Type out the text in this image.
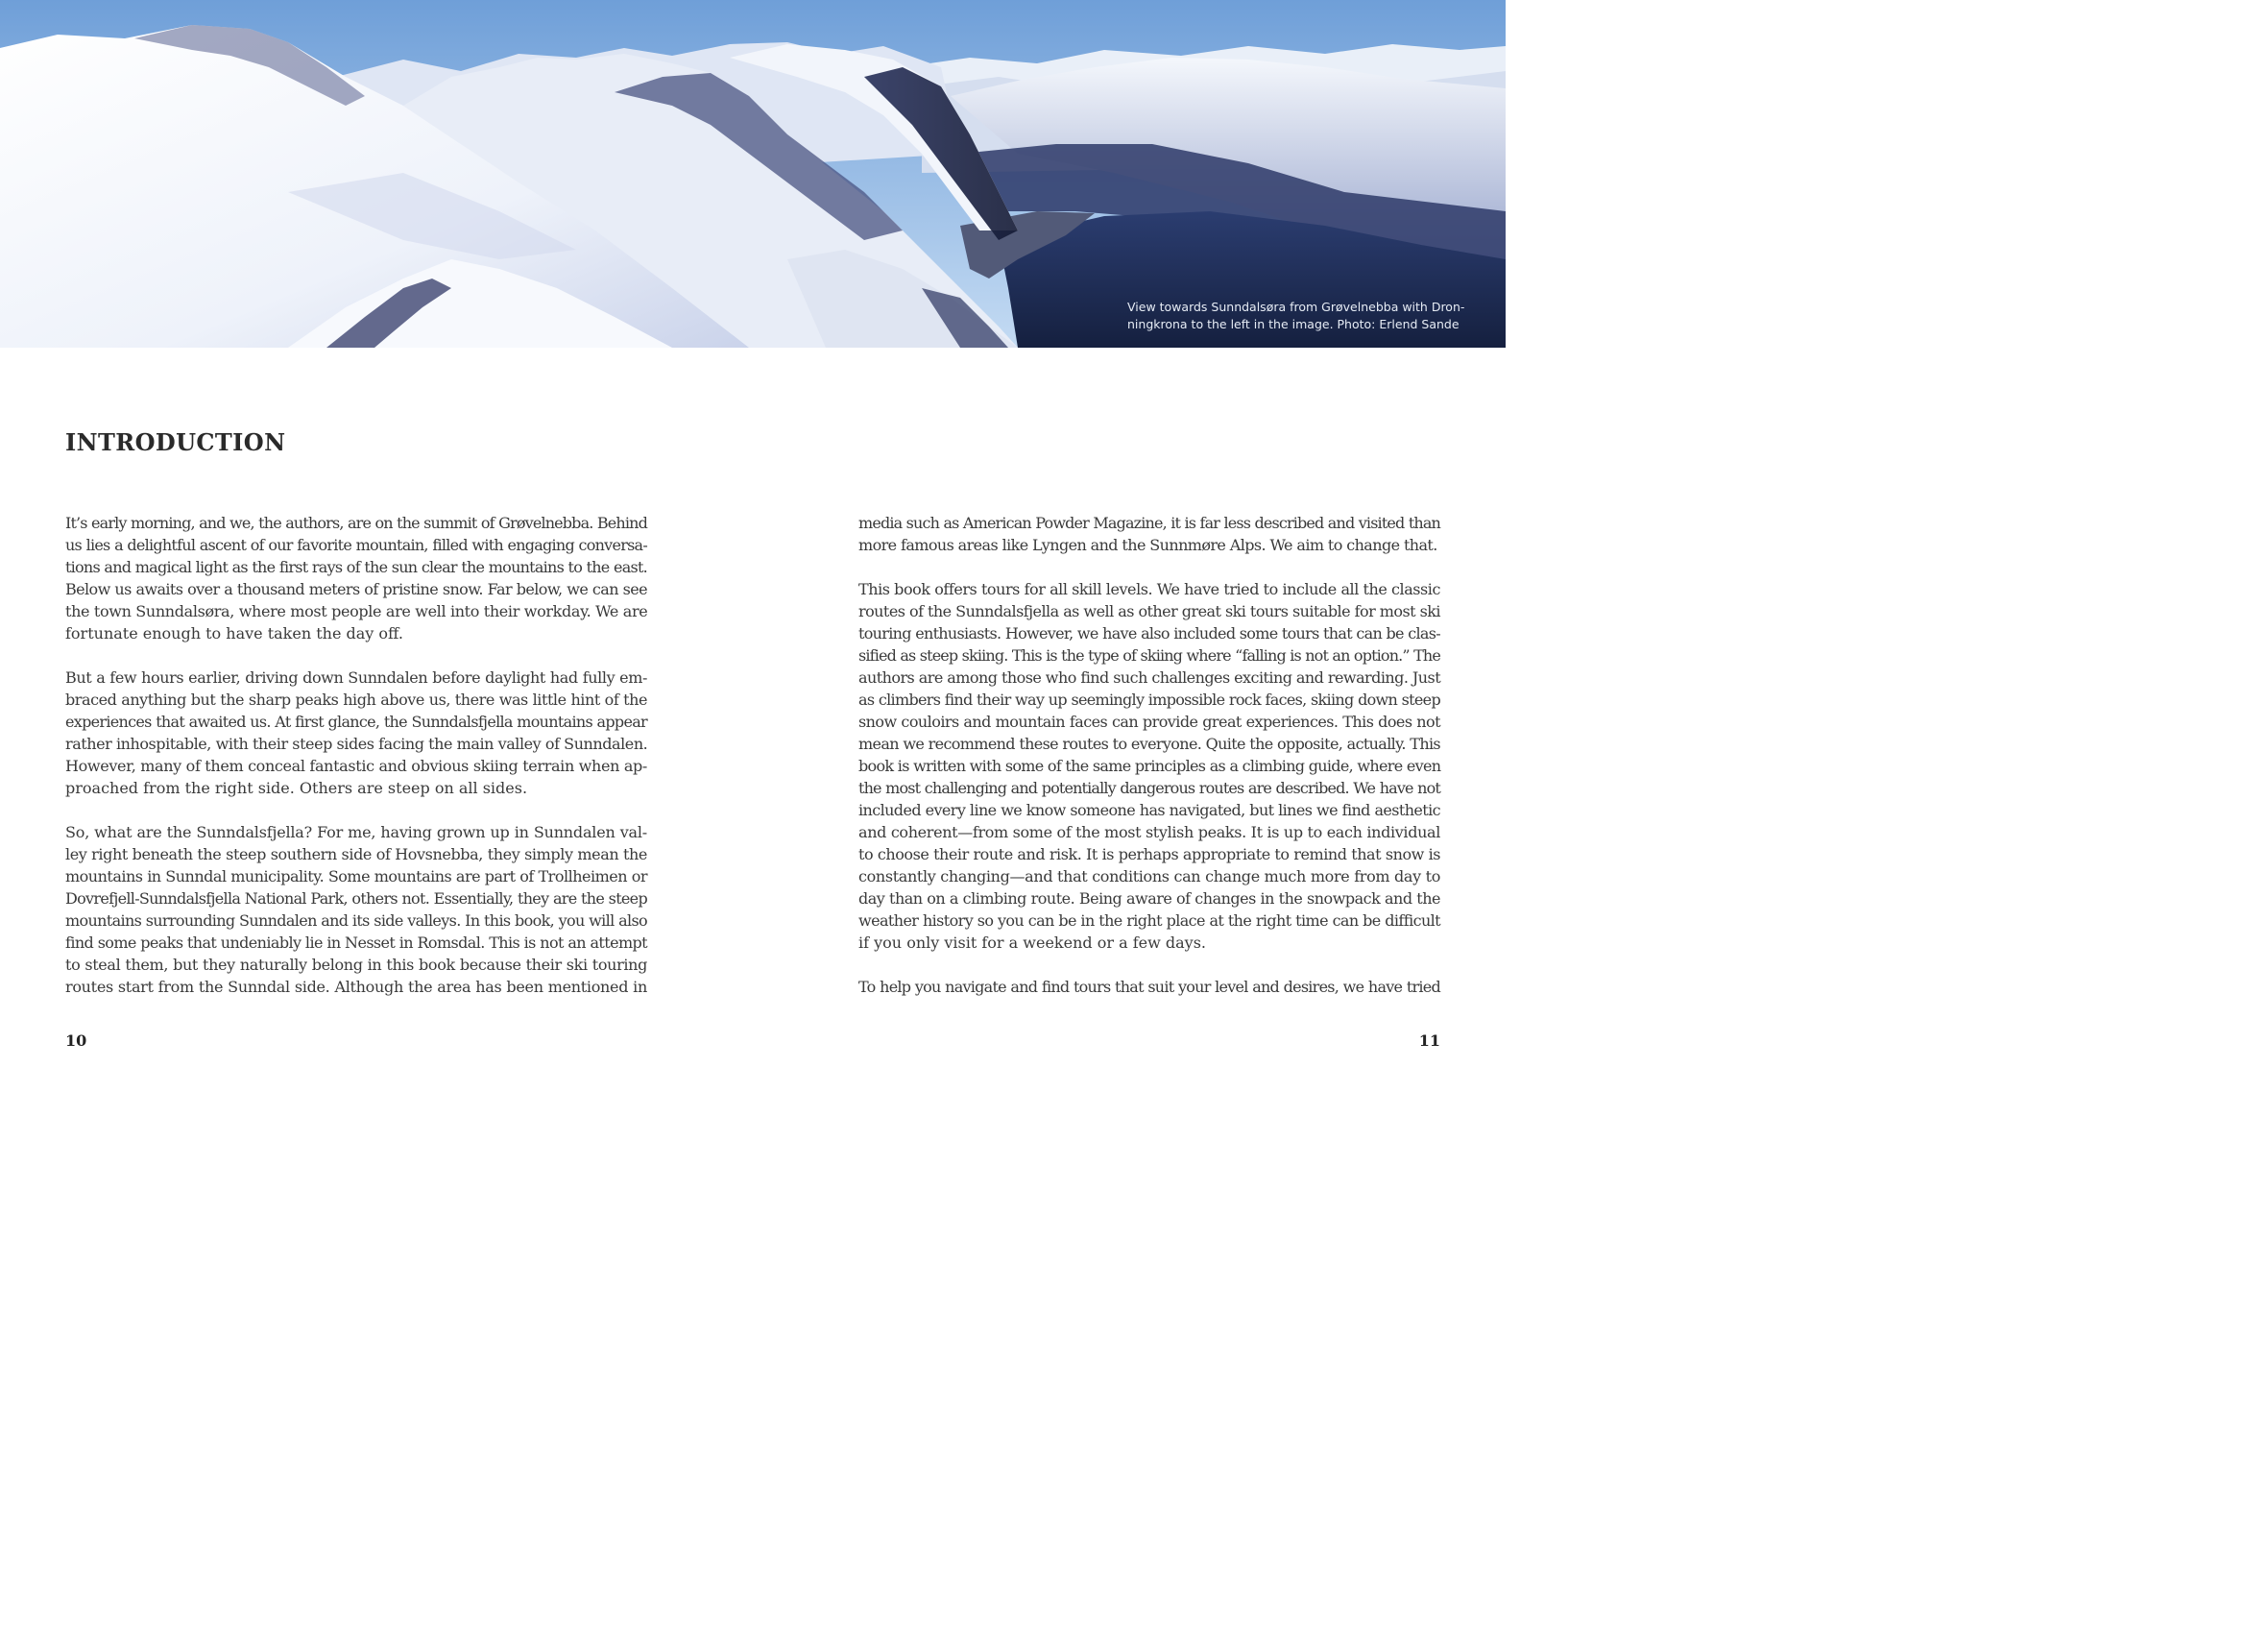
View towards Sunndalsøra from Grøvelnebba with Dron-
ningkrona to the left in the image. Photo: Erlend Sande

INTRODUCTION

It’s early morning, and we, the authors, are on the summit of Grøvelnebba. Behind
us lies a delightful ascent of our favorite mountain, filled with engaging conversa-
tions and magical light as the first rays of the sun clear the mountains to the east.
Below us awaits over a thousand meters of pristine snow. Far below, we can see
the town Sunndalsøra, where most people are well into their workday. We are
fortunate enough to have taken the day off.

But a few hours earlier, driving down Sunndalen before daylight had fully em-
braced anything but the sharp peaks high above us, there was little hint of the
experiences that awaited us. At first glance, the Sunndalsfjella mountains appear
rather inhospitable, with their steep sides facing the main valley of Sunndalen.
However, many of them conceal fantastic and obvious skiing terrain when ap-
proached from the right side. Others are steep on all sides.

So, what are the Sunndalsfjella? For me, having grown up in Sunndalen val-
ley right beneath the steep southern side of Hovsnebba, they simply mean the
mountains in Sunndal municipality. Some mountains are part of Trollheimen or
Dovrefjell-Sunndalsfjella National Park, others not. Essentially, they are the steep
mountains surrounding Sunndalen and its side valleys. In this book, you will also
find some peaks that undeniably lie in Nesset in Romsdal. This is not an attempt
to steal them, but they naturally belong in this book because their ski touring
routes start from the Sunndal side. Although the area has been mentioned in

media such as American Powder Magazine, it is far less described and visited than
more famous areas like Lyngen and the Sunnmøre Alps. We aim to change that.

This book offers tours for all skill levels. We have tried to include all the classic
routes of the Sunndalsfjella as well as other great ski tours suitable for most ski
touring enthusiasts. However, we have also included some tours that can be clas-
sified as steep skiing. This is the type of skiing where “falling is not an option.” The
authors are among those who find such challenges exciting and rewarding. Just
as climbers find their way up seemingly impossible rock faces, skiing down steep
snow couloirs and mountain faces can provide great experiences. This does not
mean we recommend these routes to everyone. Quite the opposite, actually. This
book is written with some of the same principles as a climbing guide, where even
the most challenging and potentially dangerous routes are described. We have not
included every line we know someone has navigated, but lines we find aesthetic
and coherent—from some of the most stylish peaks. It is up to each individual
to choose their route and risk. It is perhaps appropriate to remind that snow is
constantly changing—and that conditions can change much more from day to
day than on a climbing route. Being aware of changes in the snowpack and the
weather history so you can be in the right place at the right time can be difficult
if you only visit for a weekend or a few days.

To help you navigate and find tours that suit your level and desires, we have tried

10	11
